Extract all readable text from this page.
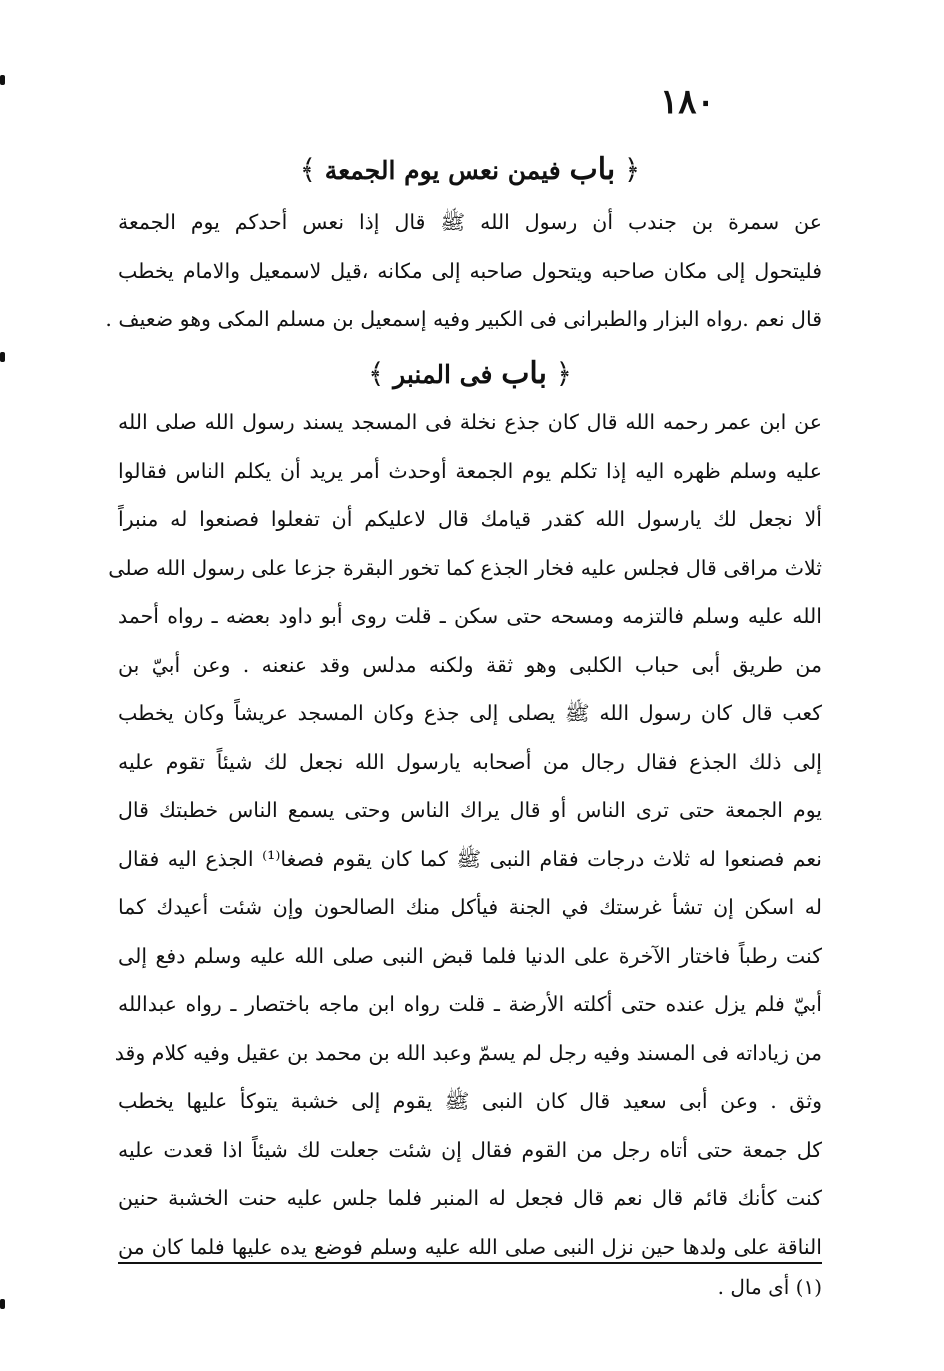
١٨٠
﴿ باب فيمن نعس يوم الجمعة ﴾
عن سمرة بن جندب أن رسول الله ﷺ قال إذا نعس أحدكم يوم الجمعة
فليتحول إلى مكان صاحبه ويتحول صاحبه إلى مكانه ،قيل لاسمعيل والامام يخطب
قال نعم .رواه البزار والطبرانى فى الكبير وفيه إسمعيل بن مسلم المكى وهو ضعيف .
﴿ باب فى المنبر ﴾
عن ابن عمر رحمه الله قال كان جذع نخلة فى المسجد يسند رسول الله صلى الله
عليه وسلم ظهره اليه إذا تكلم يوم الجمعة أوحدث أمر يريد أن يكلم الناس فقالوا
ألا نجعل لك يارسول الله كقدر قيامك قال لاعليكم أن تفعلوا فصنعوا له منبراً
ثلاث مراقى قال فجلس عليه فخار الجذع كما تخور البقرة جزعا على رسول الله صلى
الله عليه وسلم فالتزمه ومسحه حتى سكن ـ قلت روى أبو داود بعضه ـ رواه أحمد
من طريق أبى حباب الكلبى وهو ثقة ولكنه مدلس وقد عنعنه . وعن أبيّ بن
كعب قال كان رسول الله ﷺ يصلى إلى جذع وكان المسجد عريشاً وكان يخطب
إلى ذلك الجذع فقال رجال من أصحابه يارسول الله نجعل لك شيئاً تقوم عليه
يوم الجمعة حتى ترى الناس أو قال يراك الناس وحتى يسمع الناس خطبتك قال
نعم فصنعوا له ثلاث درجات فقام النبى ﷺ كما كان يقوم فصغا⁽¹⁾ الجذع اليه فقال
له اسكن إن تشأ غرستك في الجنة فيأكل منك الصالحون وإن شئت أعيدك كما
كنت رطباً فاختار الآخرة على الدنيا فلما قبض النبى صلى الله عليه وسلم دفع إلى
أبيّ فلم يزل عنده حتى أكلته الأرضة ـ قلت رواه ابن ماجه باختصار ـ رواه عبدالله
من زياداته فى المسند وفيه رجل لم يسمّ وعبد الله بن محمد بن عقيل وفيه كلام وقد
وثق . وعن أبى سعيد قال كان النبى ﷺ يقوم إلى خشبة يتوكأ عليها يخطب
كل جمعة حتى أتاه رجل من القوم فقال إن شئت جعلت لك شيئاً اذا قعدت عليه
كنت كأنك قائم قال نعم قال فجعل له المنبر فلما جلس عليه حنت الخشبة حنين
الناقة على ولدها حين نزل النبى صلى الله عليه وسلم فوضع يده عليها فلما كان من
(١) أى مال .
